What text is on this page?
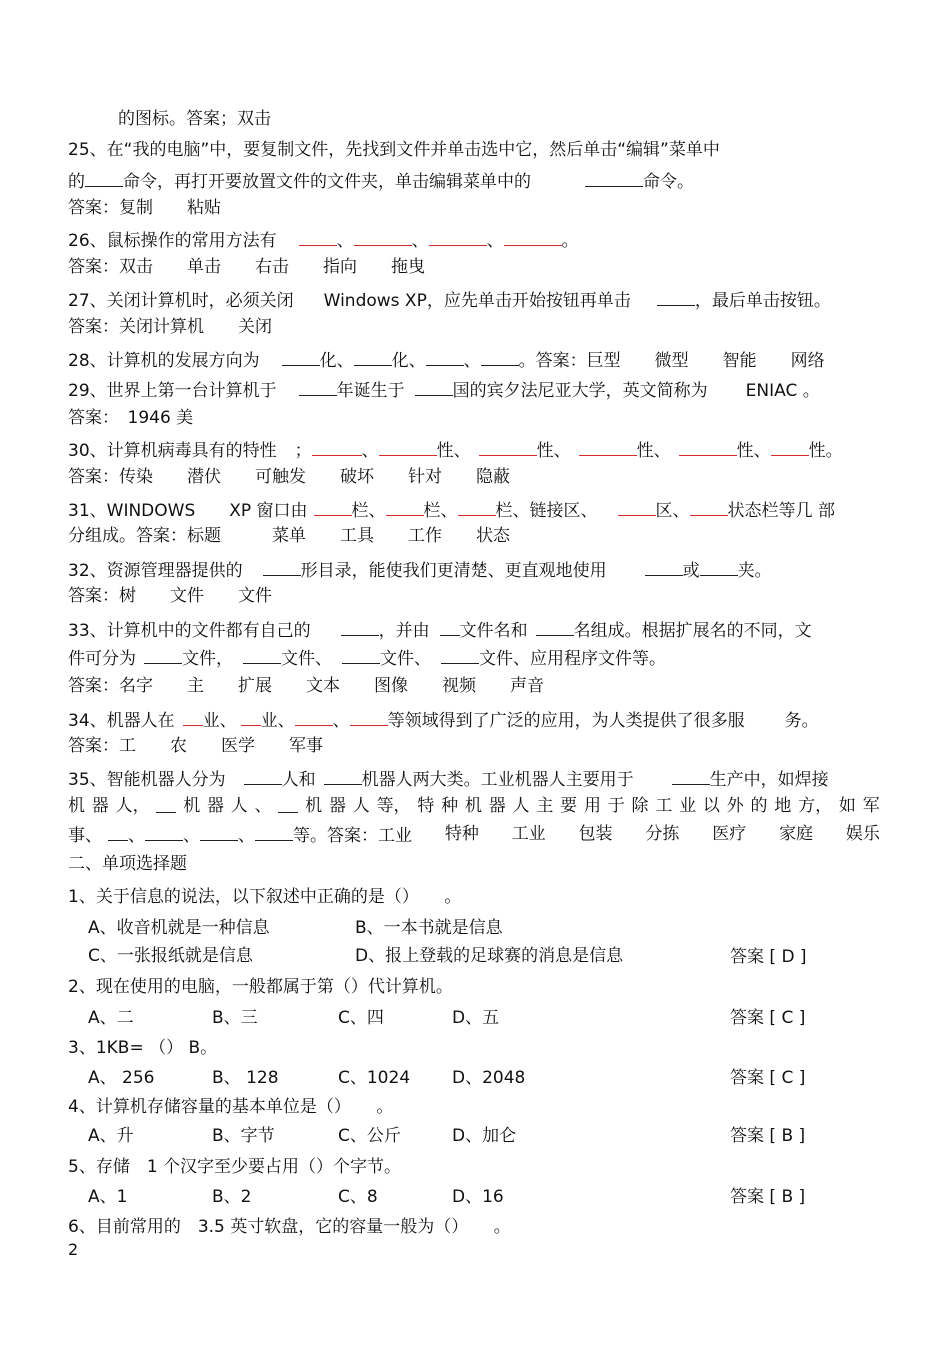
的图标。答案；双击
25、在“我的电脑”中，要复制文件，先找到文件并单击选中它，然后单击“编辑”菜单中
的 命令，再打开要放置文件的文件夹，单击编辑菜单中的	命令。
答案：复制　　粘贴
26、鼠标操作的常用方法有	、	、	、	。
答案：双击　　单击　　右击　　指向　　拖曳
27、关闭计算机时，必须关闭 Windows XP，应先单击开始按钮再单击	，最后单击按钮。
答案：关闭计算机　　关闭
28、计算机的发展方向为	化、 化、 、 。答案：巨型　　微型　　智能　　网络
29、世界上第一台计算机于	年诞生于	国的宾夕法尼亚大学，英文简称为 ENIAC 。
答案：　1946 美
30、计算机病毒具有的特性 ；	、	性、	性、	性、	性、 性。
答案：传染　　潜伏　　可触发　　破坏　　针对　　隐蔽
31、WINDOWS　　XP 窗口由	栏、 栏、 栏、链接区、	区、 状态栏等几 部
分组成。答案：标题　　　菜单　　工具　　工作　　状态
32、资源管理器提供的	形目录，能使我们更清楚、更直观地使用	或 夹。
答案：树　　文件　　文件
33、计算机中的文件都有自己的	，并由 文件名和	名组成。根据扩展名的不同，文
件可分为	文件，	文件、	文件、	文件、应用程序文件等。
答案：名字　　主　　扩展　　文本　　图像　　视频　　声音
34、机器人在 业、 业、 、 等领域得到了广泛的应用，为人类提供了很多服 务。
答案：工　　农　　医学　　军事
35、智能机器人分为	人和	机器人两大类。工业机器人主要用于	生产中，如焊接
机 器 人， 机 器 人 、 机 器 人 等， 特 种 机 器 人 主 要 用 于 除 工 业 以 外 的 地 方， 如 军
事、 、 、 、 等。答案：工业 特种 工业 包装 分拣 医疗 家庭 娱乐
二、单项选择题
1、关于信息的说法，以下叙述中正确的是（）　　。
A、收音机就是一种信息	B、一本书就是信息
C、一张报纸就是信息	D、报上登载的足球赛的消息是信息	答案 [ D ]
2、现在使用的电脑，一般都属于第（）代计算机。
A、二	B、三	C、四	D、五	答案 [ C ]
3、1KB= （） B。
A、 256	B、 128	C、1024 D、2048	答案 [ C ]
4、计算机存储容量的基本单位是（）　　。
A、升	B、字节	C、公斤	D、加仑	答案 [ B ]
5、存储　1 个汉字至少要占用（）个字节。
A、1	B、2	C、8	D、16	答案 [ B ]
6、目前常用的　3.5 英寸软盘，它的容量一般为（）　　。
2
